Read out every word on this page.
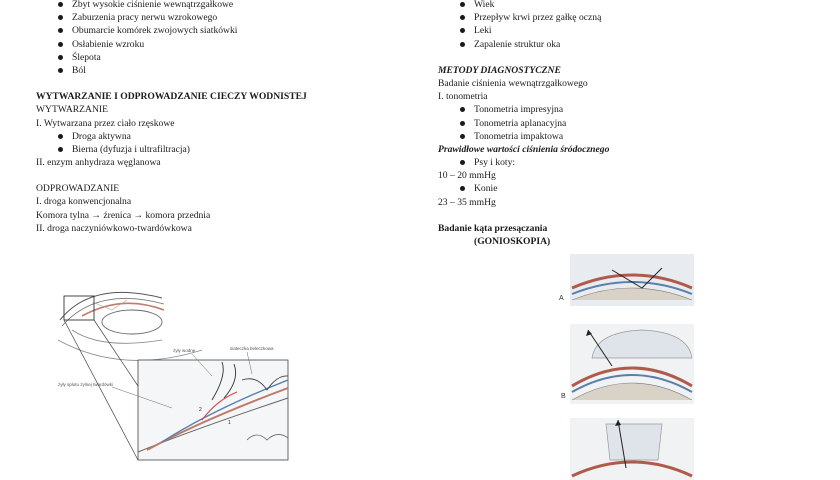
Zbyt wysokie ciśnienie wewnątrzgałkowe
Zaburzenia pracy nerwu wzrokowego
Obumarcie komórek zwojowych siatkówki
Osłabienie wzroku
Ślepota
Ból
WYTWARZANIE I ODPROWADZANIE CIECZY WODNISTEJ
WYTWARZANIE
I. Wytwarzana przez ciało rzęskowe
Droga aktywna
Bierna (dyfuzja i ultrafiltracja)
II. enzym anhydraza węglanowa
ODPROWADZANIE
I. droga konwencjonalna
Komora tylna → źrenica → komora przednia
II. droga naczyniówkowo-twardówkowa
2
1
żyły wodne	siateczka beleczkowa
żyły splotu żylnej twardówki
Wiek
Przepływ krwi przez gałkę oczną
Leki
Zapalenie struktur oka
METODY DIAGNOSTYCZNE
Badanie ciśnienia wewnątrzgałkowego
I. tonometria
Tonometria impresyjna
Tonometria aplanacyjna
Tonometria impaktowa
Prawidłowe wartości ciśnienia śródocznego
Psy i koty:
10 – 20 mmHg
Konie
23 – 35 mmHg
Badanie kąta przesączania
(GONIOSKOPIA)
A
B
